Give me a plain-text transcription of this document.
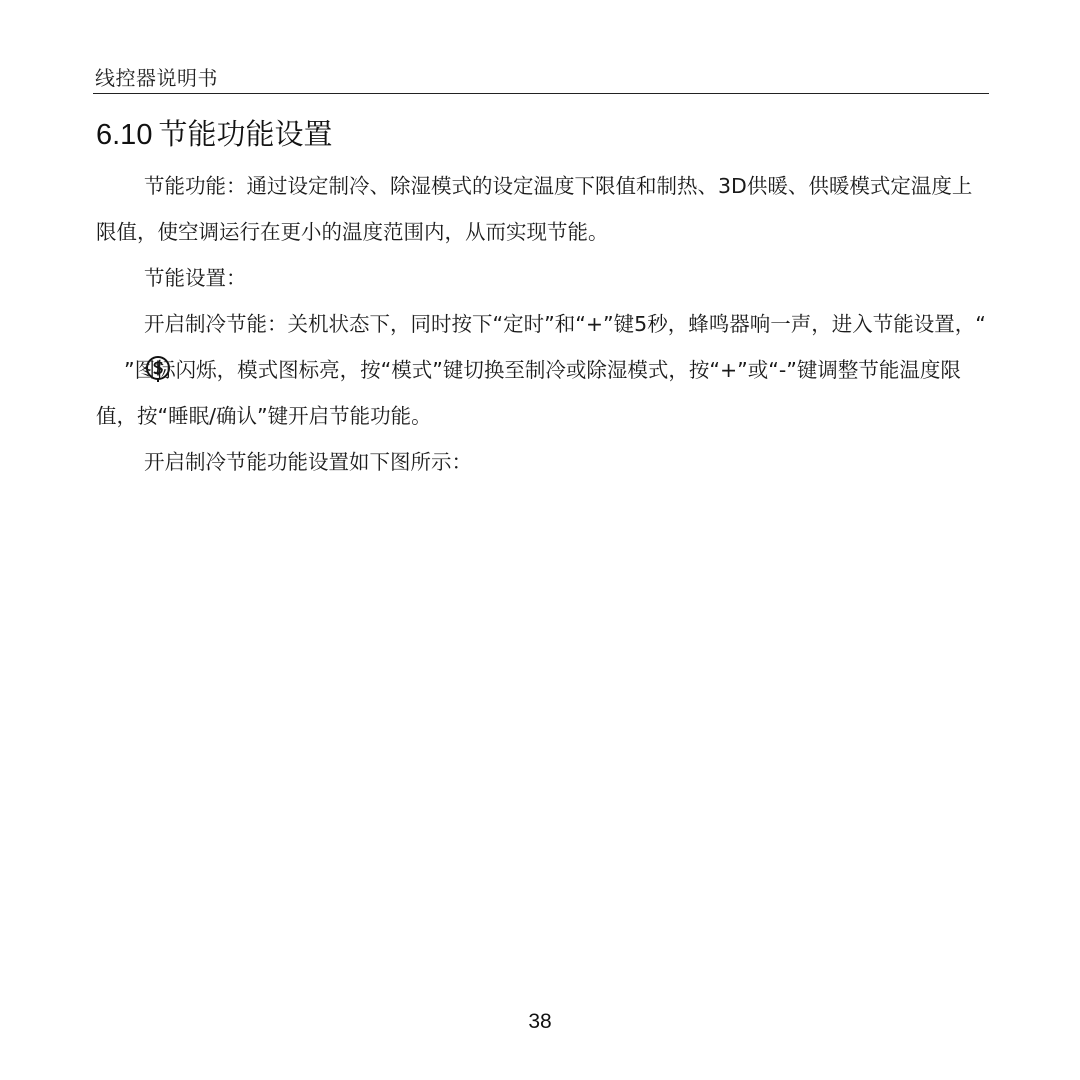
线控器说明书
6.10 节能功能设置

节能功能：通过设定制冷、除湿模式的设定温度下限值和制热、3D供暖、供暖模式定温度上限值，使空调运行在更小的温度范围内，从而实现节能。

节能设置：

开启制冷节能：关机状态下，同时按下“定时”和“+”键5秒，蜂鸣器响一声，进入节能设置，“”图标闪烁，模式图标亮，按“模式”键切换至制冷或除湿模式，按“+”或“-”键调整节能温度限值，按“睡眠/确认”键开启节能功能。

开启制冷节能功能设置如下图所示：

38
